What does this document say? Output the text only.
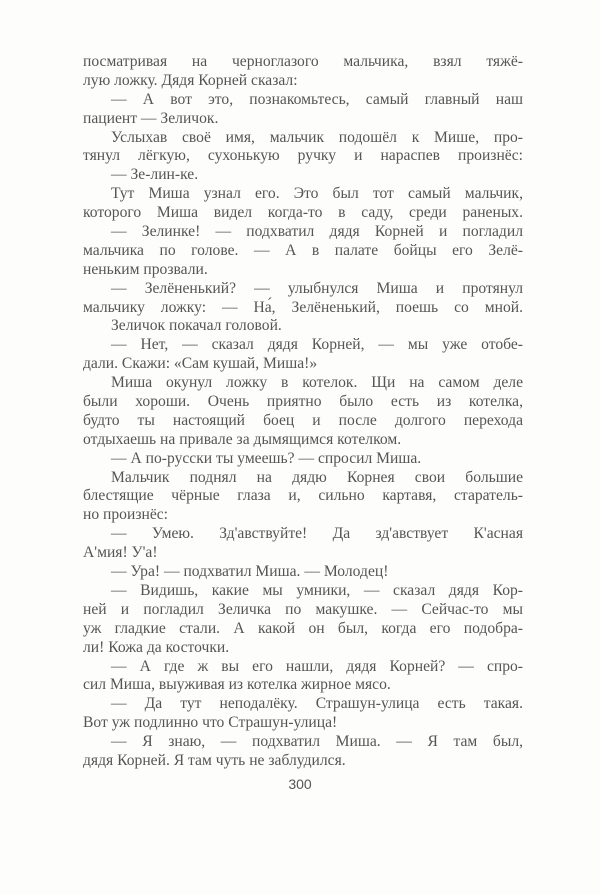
посматривая на черноглазого мальчика, взял тяжё-
лую ложку. Дядя Корней сказал:
— А вот это, познакомьтесь, самый главный наш
пациент — Зеличок.
Услыхав своё имя, мальчик подошёл к Мише, про-
тянул лёгкую, сухонькую ручку и нараспев произнёс:
— Зе-лин-ке.
Тут Миша узнал его. Это был тот самый мальчик,
которого Миша видел когда-то в саду, среди раненых.
— Зелинке! — подхватил дядя Корней и погладил
мальчика по голове. — А в палате бойцы его Зелё-
неньким прозвали.
— Зелёненький? — улыбнулся Миша и протянул
мальчику ложку: — На́, Зелёненький, поешь со мной.
Зеличок покачал головой.
— Нет, — сказал дядя Корней, — мы уже отобе-
дали. Скажи: «Сам кушай, Миша!»
Миша окунул ложку в котелок. Щи на самом деле
были хороши. Очень приятно было есть из котелка,
будто ты настоящий боец и после долгого перехода
отдыхаешь на привале за дымящимся котелком.
— А по-русски ты умеешь? — спросил Миша.
Мальчик поднял на дядю Корнея свои большие
блестящие чёрные глаза и, сильно картавя, старатель-
но произнёс:
— Умею. Зд'авствуйте! Да зд'авствует К'асная
А'мия! У'а!
— Ура! — подхватил Миша. — Молодец!
— Видишь, какие мы умники, — сказал дядя Кор-
ней и погладил Зеличка по макушке. — Сейчас-то мы
уж гладкие стали. А какой он был, когда его подобра-
ли! Кожа да косточки.
— А где ж вы его нашли, дядя Корней? — спро-
сил Миша, выуживая из котелка жирное мясо.
— Да тут неподалёку. Страшун-улица есть такая.
Вот уж подлинно что Страшун-улица!
— Я знаю, — подхватил Миша. — Я там был,
дядя Корней. Я там чуть не заблудился.
300
